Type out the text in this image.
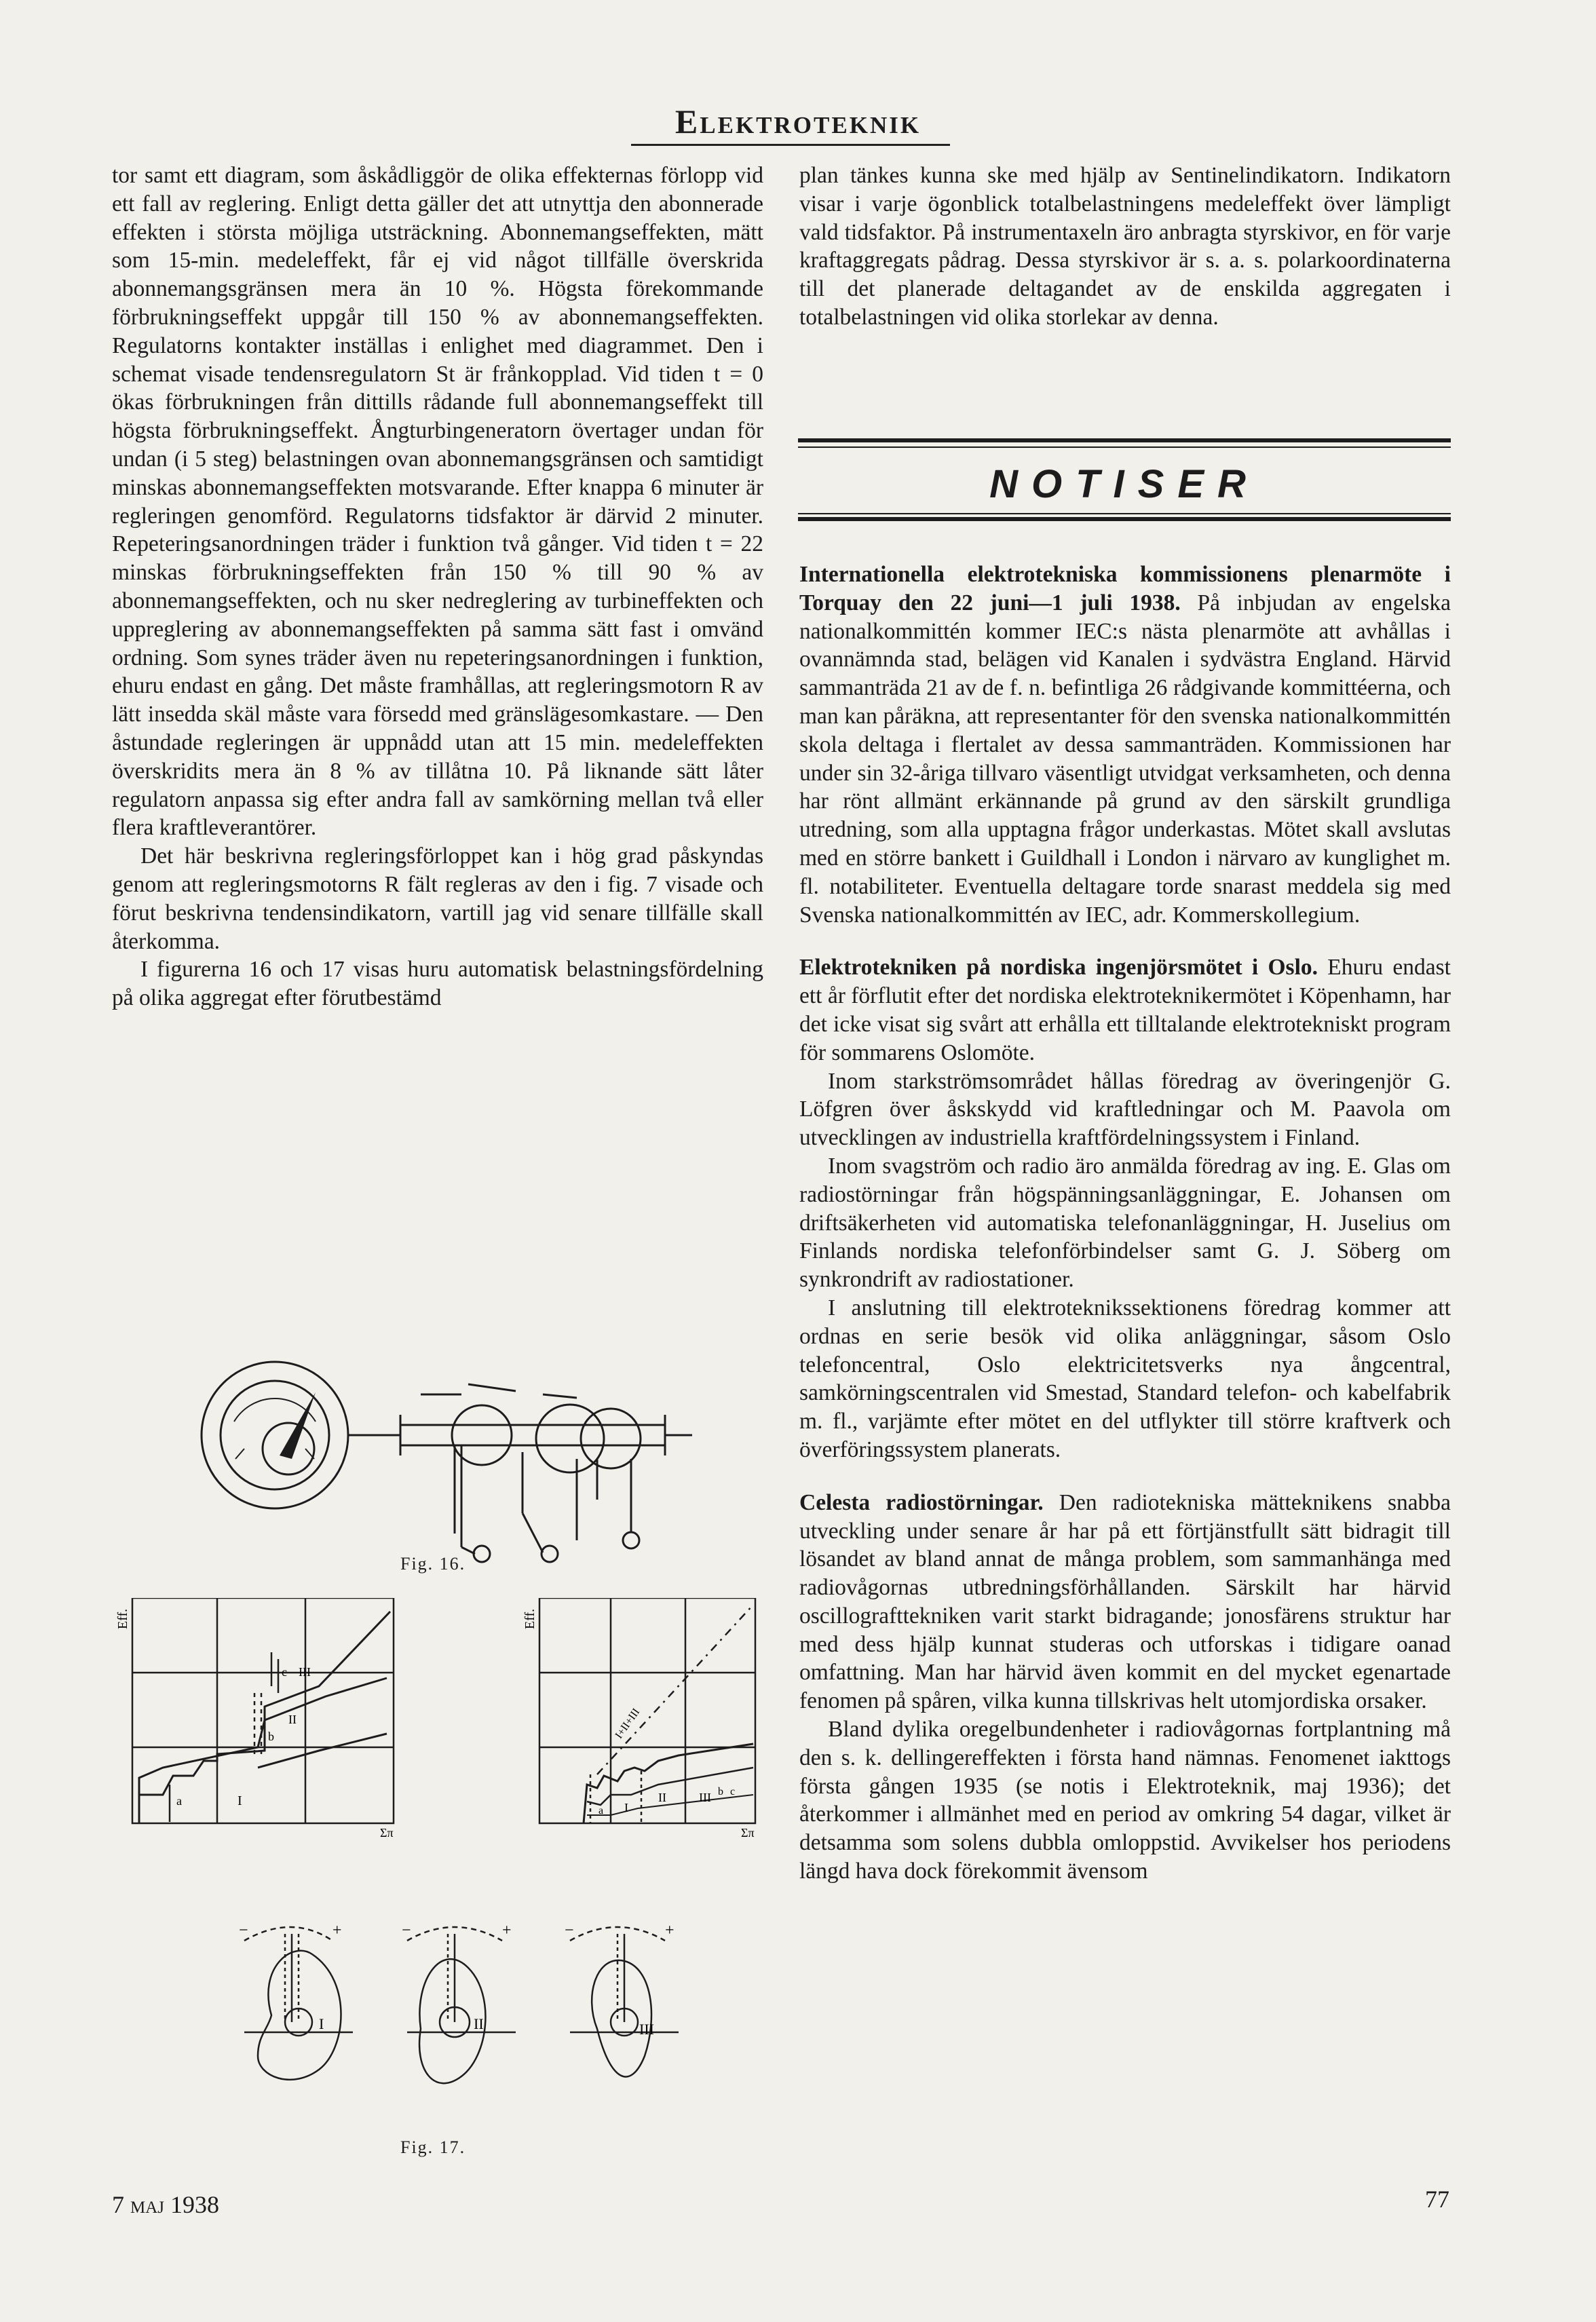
Elektroteknik

tor samt ett diagram, som åskådliggör de olika effekternas förlopp vid ett fall av reglering. Enligt detta gäller det att utnyttja den abonnerade effekten i största möjliga utsträckning. Abonnemangseffekten, mätt som 15-min. medeleffekt, får ej vid något tillfälle överskrida abonnemangsgränsen mera än 10 %. Högsta förekommande förbrukningseffekt uppgår till 150 % av abonnemangseffekten. Regulatorns kontakter inställas i enlighet med diagrammet. Den i schemat visade tendensregulatorn St är frånkopplad. Vid tiden t = 0 ökas förbrukningen från dittills rådande full abonnemangseffekt till högsta förbrukningseffekt. Ångturbingeneratorn övertager undan för undan (i 5 steg) belastningen ovan abonnemangsgränsen och samtidigt minskas abonnemangseffekten motsvarande. Efter knappa 6 minuter är regleringen genomförd. Regulatorns tidsfaktor är därvid 2 minuter. Repeteringsanordningen träder i funktion två gånger. Vid tiden t = 22 minskas förbrukningseffekten från 150 % till 90 % av abonnemangseffekten, och nu sker nedreglering av turbineffekten och uppreglering av abonnemangseffekten på samma sätt fast i omvänd ordning. Som synes träder även nu repeteringsanordningen i funktion, ehuru endast en gång. Det måste framhållas, att regleringsmotorn R av lätt insedda skäl måste vara försedd med gränslägesomkastare. — Den åstundade regleringen är uppnådd utan att 15 min. medeleffekten överskridits mera än 8 % av tillåtna 10. På liknande sätt låter regulatorn anpassa sig efter andra fall av samkörning mellan två eller flera kraftleverantörer.

Det här beskrivna regleringsförloppet kan i hög grad påskyndas genom att regleringsmotorns R fält regleras av den i fig. 7 visade och förut beskrivna tendensindikatorn, vartill jag vid senare tillfälle skall återkomma.

I figurerna 16 och 17 visas huru automatisk belastningsfördelning på olika aggregat efter förutbestämd

Fig. 16.
Eff.
Σπ
I
II
III
a
b
c
Eff.
Σπ
I
II	III
a
b c
I+II+III
−	+	−	+	−	+
I	II	III
Fig. 17.

plan tänkes kunna ske med hjälp av Sentinelindikatorn. Indikatorn visar i varje ögonblick totalbelastningens medeleffekt över lämpligt vald tidsfaktor. På instrumentaxeln äro anbragta styrskivor, en för varje kraftaggregats pådrag. Dessa styrskivor är s. a. s. polarkoordinaterna till det planerade deltagandet av de enskilda aggregaten i totalbelastningen vid olika storlekar av denna.

NOTISER

Internationella elektrotekniska kommissionens plenarmöte i Torquay den 22 juni—1 juli 1938. På inbjudan av engelska nationalkommittén kommer IEC:s nästa plenarmöte att avhållas i ovannämnda stad, belägen vid Kanalen i sydvästra England. Härvid sammanträda 21 av de f. n. befintliga 26 rådgivande kommittéerna, och man kan påräkna, att representanter för den svenska nationalkommittén skola deltaga i flertalet av dessa sammanträden. Kommissionen har under sin 32-åriga tillvaro väsentligt utvidgat verksamheten, och denna har rönt allmänt erkännande på grund av den särskilt grundliga utredning, som alla upptagna frågor underkastas. Mötet skall avslutas med en större bankett i Guildhall i London i närvaro av kunglighet m. fl. notabiliteter. Eventuella deltagare torde snarast meddela sig med Svenska nationalkommittén av IEC, adr. Kommerskollegium.

Elektrotekniken på nordiska ingenjörsmötet i Oslo. Ehuru endast ett år förflutit efter det nordiska elektroteknikermötet i Köpenhamn, har det icke visat sig svårt att erhålla ett tilltalande elektrotekniskt program för sommarens Oslomöte.

Inom starkströmsområdet hållas föredrag av överingenjör G. Löfgren över åskskydd vid kraftledningar och M. Paavola om utvecklingen av industriella kraftfördelningssystem i Finland.

Inom svagström och radio äro anmälda föredrag av ing. E. Glas om radiostörningar från högspänningsanläggningar, E. Johansen om driftsäkerheten vid automatiska telefonanläggningar, H. Juselius om Finlands nordiska telefonförbindelser samt G. J. Söberg om synkrondrift av radiostationer.

I anslutning till elektroteknikssektionens föredrag kommer att ordnas en serie besök vid olika anläggningar, såsom Oslo telefoncentral, Oslo elektricitetsverks nya ångcentral, samkörningscentralen vid Smestad, Standard telefon- och kabelfabrik m. fl., varjämte efter mötet en del utflykter till större kraftverk och överföringssystem planerats.

Celesta radiostörningar. Den radiotekniska mätteknikens snabba utveckling under senare år har på ett förtjänstfullt sätt bidragit till lösandet av bland annat de många problem, som sammanhänga med radiovågornas utbredningsförhållanden. Särskilt har härvid oscillografttekniken varit starkt bidragande; jonosfärens struktur har med dess hjälp kunnat studeras och utforskas i tidigare oanad omfattning. Man har härvid även kommit en del mycket egenartade fenomen på spåren, vilka kunna tillskrivas helt utomjordiska orsaker.

Bland dylika oregelbundenheter i radiovågornas fortplantning må den s. k. dellingereffekten i första hand nämnas. Fenomenet iakttogs första gången 1935 (se notis i Elektroteknik, maj 1936); det återkommer i allmänhet med en period av omkring 54 dagar, vilket är detsamma som solens dubbla omloppstid. Avvikelser hos periodens längd hava dock förekommit ävensom

7 maj 1938	77
